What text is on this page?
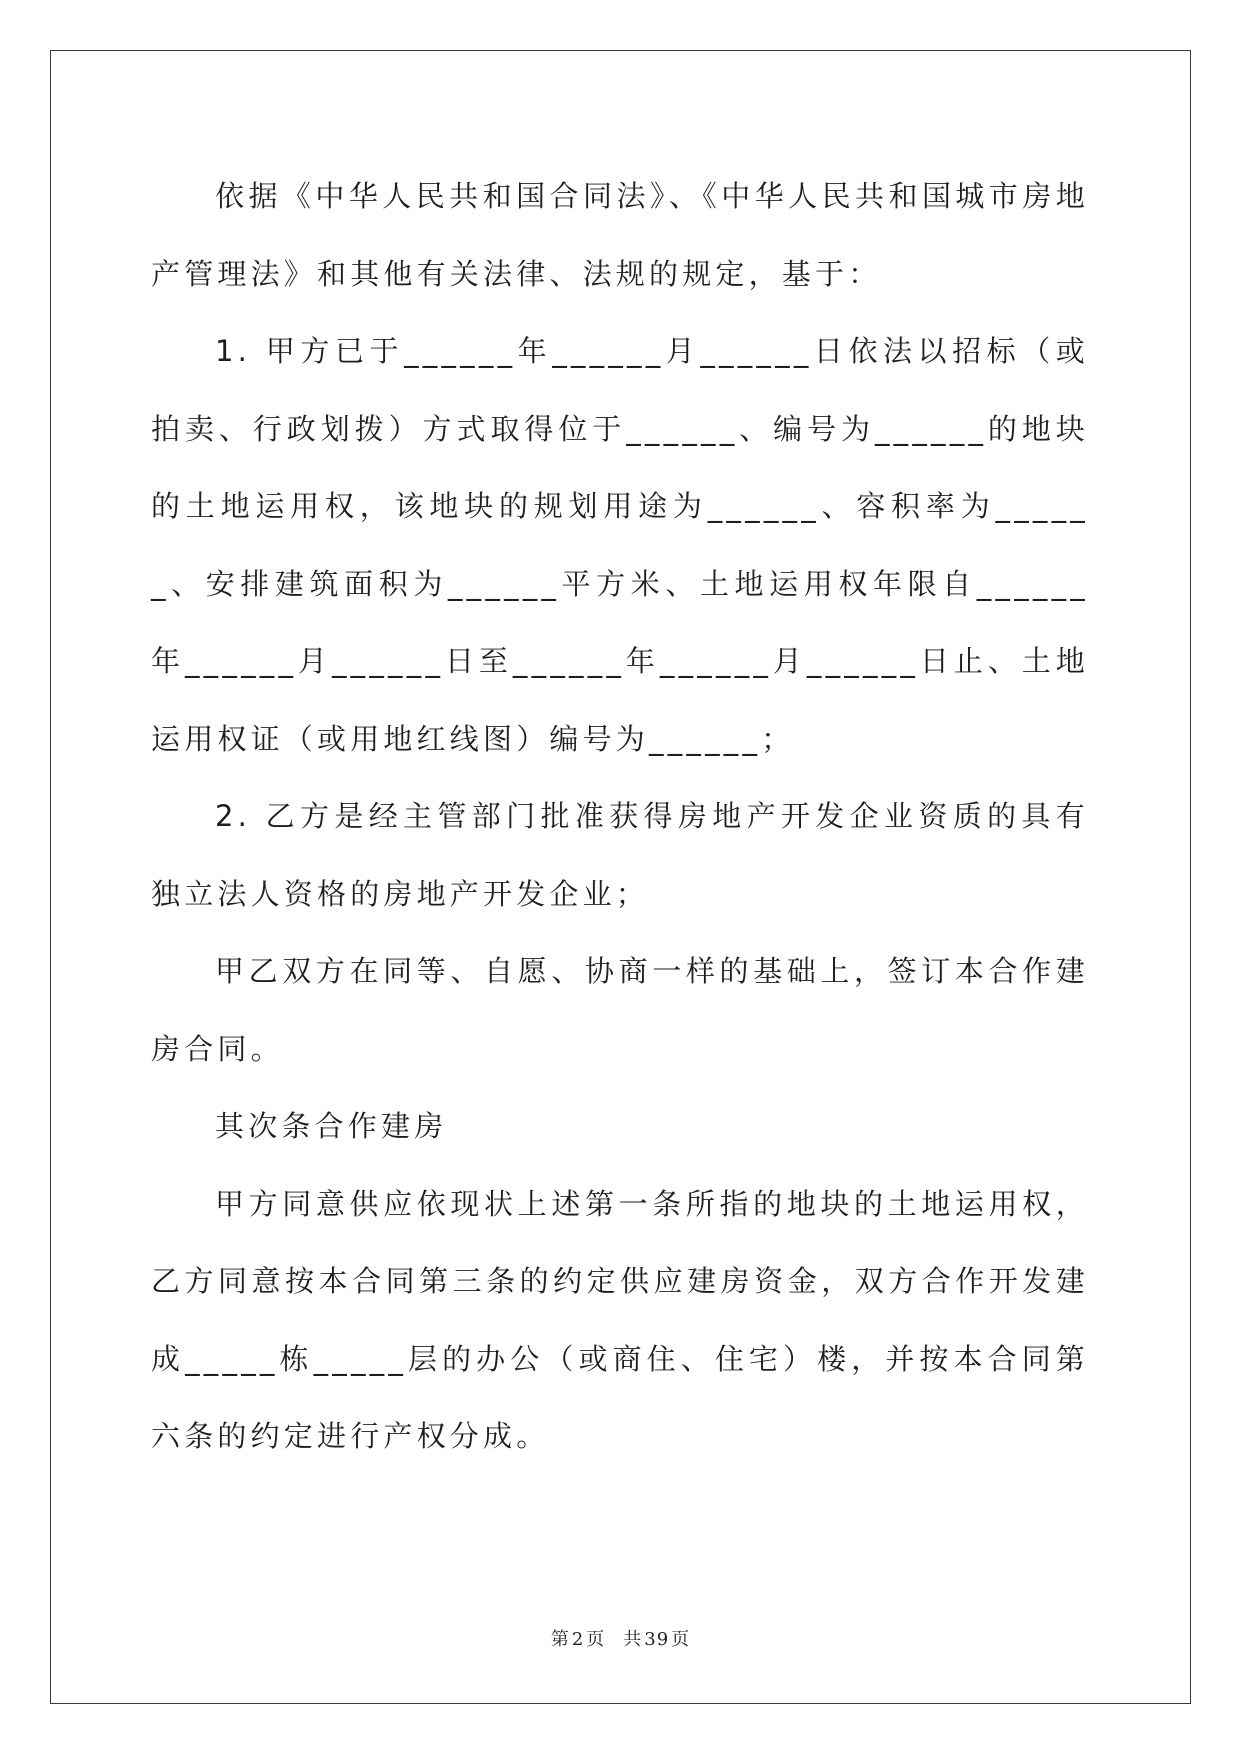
依据《中华人民共和国合同法》、《中华人民共和国城市房地产管理法》和其他有关法律、法规的规定，基于：

1. 甲方已于______年______月______日依法以招标（或拍卖、行政划拨）方式取得位于______、编号为______的地块的土地运用权，该地块的规划用途为______、容积率为______、安排建筑面积为______平方米、土地运用权年限自______年______月______日至______年______月______日止、土地运用权证（或用地红线图）编号为______；

2. 乙方是经主管部门批准获得房地产开发企业资质的具有独立法人资格的房地产开发企业；

甲乙双方在同等、自愿、协商一样的基础上，签订本合作建房合同。

其次条合作建房

甲方同意供应依现状上述第一条所指的地块的土地运用权，乙方同意按本合同第三条的约定供应建房资金，双方合作开发建成_____栋_____层的办公（或商住、住宅）楼，并按本合同第六条的约定进行产权分成。

第 2 页 共 39 页
